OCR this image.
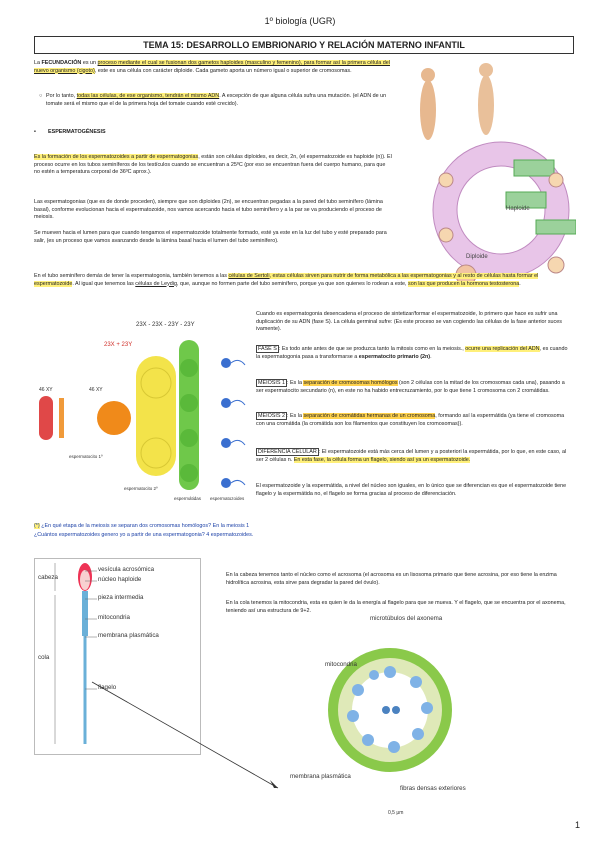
1º biología (UGR)
TEMA 15: DESARROLLO EMBRIONARIO Y RELACIÓN MATERNO INFANTIL
La FECUNDACIÓN es un proceso mediante el cual se fusionan dos gametos haploides (masculino y femenino), para formar así la primera célula del nuevo organismo (cigoto), este es una célula con carácter diploide. Cada gameto aporta un número igual o superior de cromosomas.
○ Por lo tanto, todas las células, de ese organismo, tendrán el mismo ADN. A excepción de que alguna célula sufra una mutación. (el ADN de un tomate será el mismo que el de la primera hoja del tomate cuando esté crecido).
Haploide
Diploide
• ESPERMATOGÉNESIS
Es la formación de los espermatozoides a partir de espermatogonias, están son células diploides, es decir, 2n, (el espermatozoide es haploide (n)). El proceso ocurre en los tubos seminíferos de los testículos cuando se encuentran a 25ºC (por eso se encuentran fuera del cuerpo humano, para que no estén a temperatura corporal de 36ºC aprox.).
Las espermatogonias (que es de donde proceden), siempre que son diploides (2n), se encuentran pegadas a la pared del tubo seminífero (lámina basal), conforme evolucionan hacia el espermatozoide, nos vamos acercando hacia el tubo seminífero y a la par se va produciendo el proceso de meiosis.
Se mueven hacia el lumen para que cuando tengamos el espermatozoide totalmente formado, esté ya este en la luz del tubo y esté preparado para salir, (es un proceso que vamos avanzando desde la lámina basal hacia el lumen del tubo seminífero).
En el tubo seminífero demás de tener la espermatogonia, también tenemos a las células de Sertoli, estas células sirven para nutrir de forma metabólica a las espermatogonias y al resto de células hasta formar el espermatozoide. Al igual que tenemos las células de Leydig, que, aunque no formen parte del tubo seminífero, porque ya que son quienes lo rodean a este, son las que producen la hormona testosterona.
23X - 23X - 23Y - 23Y
23X + 23Y
46 XY	46 XY
espermatocito 1º
espermatocito 2º
espermátidas espermatozoides
Cuando es espermatogonia desencadena el proceso de sintetizar/formar el espermatozoide, lo primero que hace es sufrir una duplicación de su ADN (fase S). La célula germinal sufre: (Es este proceso se van cogiendo las células de la fase anterior suces ivamente).
FASE S : Es todo ante antes de que se produzca tanto la mitosis como en la meiosis., ocurre una replicación del ADN, es cuando la espermatogonia pasa a transformarse a espermatocito primario (2n).
MEIOSIS 1 : Es la separación de cromosomas homólogos (son 2 células con la mitad de los cromosomas cada una), pasando a ser espermatocito secundario (n), en este no ha habido entrecruzamiento, por lo que tiene 1 cromosoma con 2 cromátidas.
MEIOSIS 2 : Es la separación de cromátidas hermanas de un cromosoma, formando así la espermátida (ya tiene el cromosoma con una cromátida (la cromátida son los filamentos que constituyen los cromosomas)).
DIFERENCIA CELULAR : El espermatozoide está más cerca del lumen y a posteriori la espermátida, por lo que, en este caso, al ser 2 células n. En esta fase, la célula forma un flagelo, siendo así ya un espermatozoide.
El espermatozoide y la espermátida, a nivel del núcleo son iguales, en lo único que se diferencian es que el espermatozoide tiene flagelo y la espermátida no, el flagelo se forma gracias al proceso de diferenciación.
(*) ¿En qué etapa de la meiosis se separan dos cromosomas homólogos? En la meiosis 1
¿Cuántos espermatozoides genero yo a partir de una espermatogonia? 4 espermatozoides.
cabeza
cola
vesícula acrosómica
núcleo haploide
pieza intermedia
mitocondria
membrana plasmática
flagelo
En la cabeza tenemos tanto el núcleo como el acrosoma (el acrosoma es un lisosoma primario que tiene acrosina, por eso tiene la enzima hidrolítica acrosina, esta sirve para degradar la pared del óvulo).
En la cola tenemos la mitocondria, esta es quien le da la energía al flagelo para que se mueva. Y el flagelo, que se encuentra por el axonema, teniendo así una estructura de 9+2.
microtúbulos del axonema
mitocondria
membrana plasmática
fibras densas exteriores
0,5 μm
1
